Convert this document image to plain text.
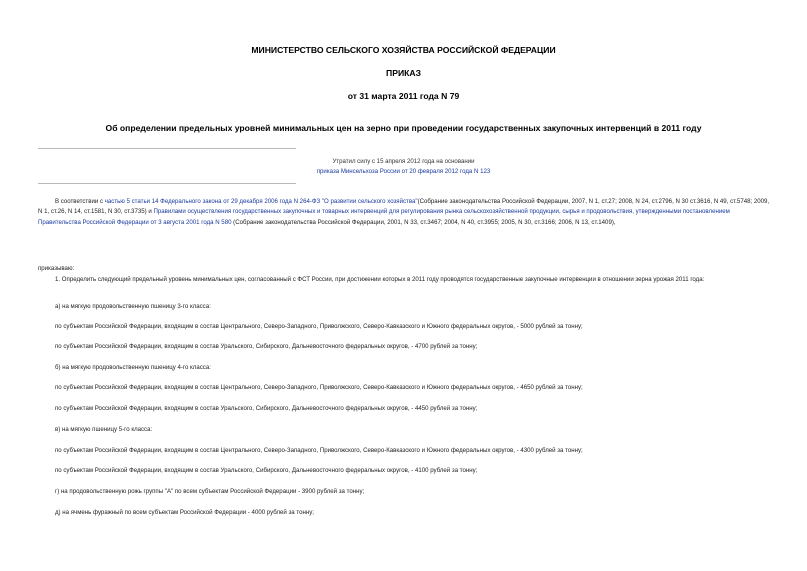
МИНИСТЕРСТВО СЕЛЬСКОГО ХОЗЯЙСТВА РОССИЙСКОЙ ФЕДЕРАЦИИ
ПРИКАЗ
от 31 марта 2011 года N 79
Об определении предельных уровней минимальных цен на зерно при проведении государственных закупочных интервенций в 2011 году
Утратил силу с 15 апреля 2012 года на основании
приказа Минсельхоза России от 20 февраля 2012 года N 123
В соответствии с частью 5 статьи 14 Федерального закона от 29 декабря 2006 года N 264-ФЗ "О развитии сельского хозяйства"(Собрание законодательства Российской Федерации, 2007, N 1, ст.27; 2008, N 24, ст.2796, N 30 ст.3616, N 49, ст.5748; 2009, N 1, ст.26, N 14, ст.1581, N 30, ст.3735) и Правилами осуществления государственных закупочных и товарных интервенций для регулирования рынка сельскохозяйственной продукции, сырья и продовольствия, утвержденными постановлением Правительства Российской Федерации от 3 августа 2001 года N 580 (Собрание законодательства Российской Федерации, 2001, N 33, ст.3467; 2004, N 40, ст.3955; 2005, N 30, ст.3166; 2006, N 13, ст.1409),
приказываю:
1. Определить следующий предельный уровень минимальных цен, согласованный с ФСТ России, при достижении которых в 2011 году проводятся государственные закупочные интервенции в отношении зерна урожая 2011 года:
а) на мягкую продовольственную пшеницу 3-го класса:
по субъектам Российской Федерации, входящим в состав Центрального, Северо-Западного, Приволжского, Северо-Кавказского и Южного федеральных округов, - 5000 рублей за тонну;
по субъектам Российской Федерации, входящим в состав Уральского, Сибирского, Дальневосточного федеральных округов, - 4700 рублей за тонну;
б) на мягкую продовольственную пшеницу 4-го класса:
по субъектам Российской Федерации, входящим в состав Центрального, Северо-Западного, Приволжского, Северо-Кавказского и Южного федеральных округов, - 4650 рублей за тонну;
по субъектам Российской Федерации, входящим в состав Уральского, Сибирского, Дальневосточного федеральных округов, - 4450 рублей за тонну;
в) на мягкую пшеницу 5-го класса:
по субъектам Российской Федерации, входящим в состав Центрального, Северо-Западного, Приволжского, Северо-Кавказского и Южного федеральных округов, - 4300 рублей за тонну;
по субъектам Российской Федерации, входящим в состав Уральского, Сибирского, Дальневосточного федеральных округов, - 4100 рублей за тонну;
г) на продовольственную рожь группы "А" по всем субъектам Российской Федерации - 3900 рублей за тонну;
д) на ячмень фуражный по всем субъектам Российской Федерации - 4000 рублей за тонну;
